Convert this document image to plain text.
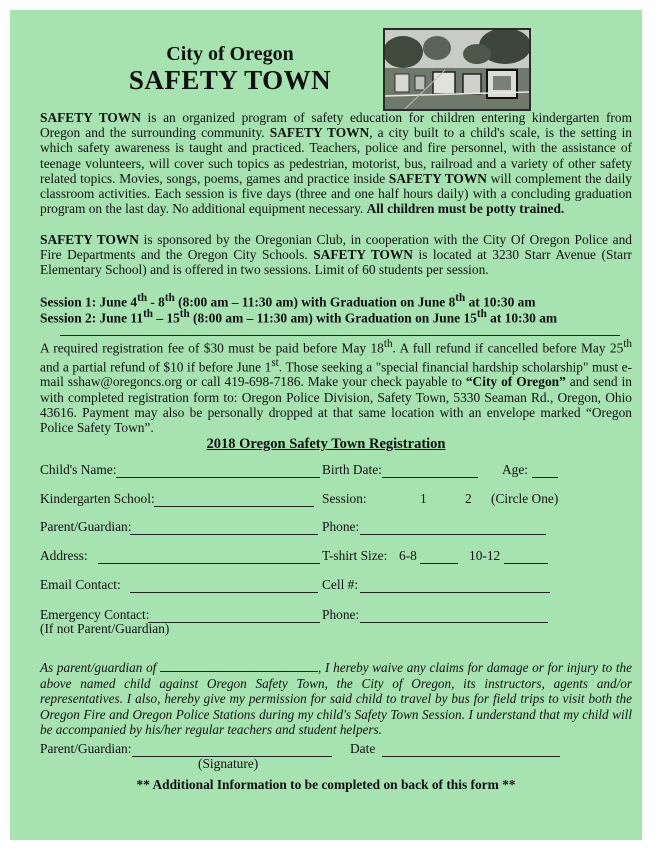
City of Oregon
SAFETY TOWN

SAFETY TOWN is an organized program of safety education for children entering kindergarten from Oregon and the surrounding community. SAFETY TOWN, a city built to a child's scale, is the setting in which safety awareness is taught and practiced. Teachers, police and fire personnel, with the assistance of teenage volunteers, will cover such topics as pedestrian, motorist, bus, railroad and a variety of other safety related topics. Movies, songs, poems, games and practice inside SAFETY TOWN will complement the daily classroom activities. Each session is five days (three and one half hours daily) with a concluding graduation program on the last day. No additional equipment necessary. All children must be potty trained.

SAFETY TOWN is sponsored by the Oregonian Club, in cooperation with the City Of Oregon Police and Fire Departments and the Oregon City Schools. SAFETY TOWN is located at 3230 Starr Avenue (Starr Elementary School) and is offered in two sessions. Limit of 60 students per session.

Session 1: June 4th - 8th (8:00 am – 11:30 am) with Graduation on June 8th at 10:30 am
Session 2: June 11th – 15th (8:00 am – 11:30 am) with Graduation on June 15th at 10:30 am

A required registration fee of $30 must be paid before May 18th. A full refund if cancelled before May 25th and a partial refund of $10 if before June 1st. Those seeking a "special financial hardship scholarship" must e-mail sshaw@oregoncs.org or call 419-698-7186. Make your check payable to “City of Oregon” and send in with completed registration form to: Oregon Police Division, Safety Town, 5330 Seaman Rd., Oregon, Ohio 43616. Payment may also be personally dropped at that same location with an envelope marked “Oregon Police Safety Town”.

2018 Oregon Safety Town Registration
Child's Name:	Birth Date:	Age:
Kindergarten School:	Session:	1	2 (Circle One)
Parent/Guardian:	Phone:
Address:	T-shirt Size: 6-8	10-12
Email Contact:	Cell #:
Emergency Contact:	Phone:
(If not Parent/Guardian)

As parent/guardian of	, I hereby waive any claims for damage or for injury to the above named child against Oregon Safety Town, the City of Oregon, its instructors, agents and/or representatives. I also, hereby give my permission for said child to travel by bus for field trips to visit both the Oregon Fire and Oregon Police Stations during my child's Safety Town Session. I understand that my child will be accompanied by his/her regular teachers and student helpers.

Parent/Guardian:	Date
(Signature)
** Additional Information to be completed on back of this form **
